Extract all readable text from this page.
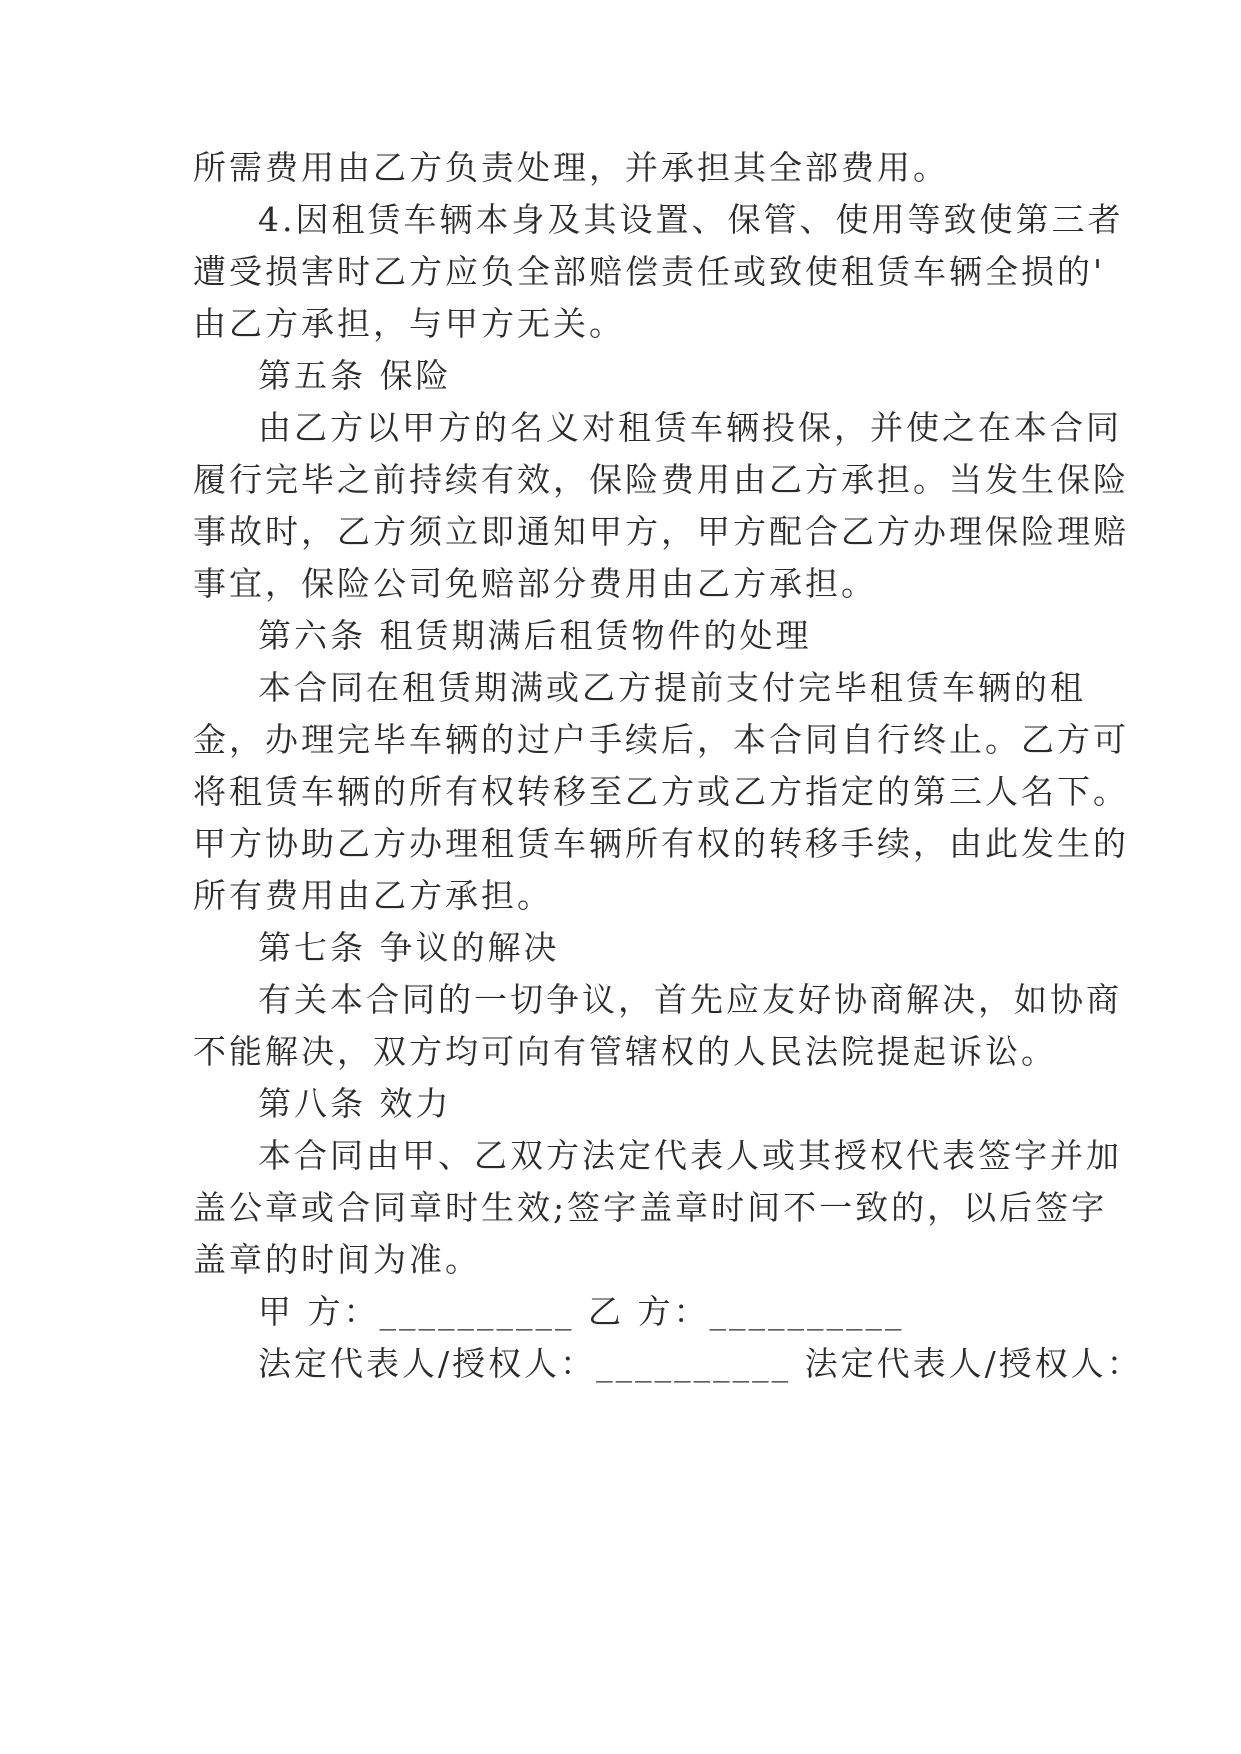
所需费用由乙方负责处理，并承担其全部费用。
4.因租赁车辆本身及其设置、保管、使用等致使第三者
遭受损害时乙方应负全部赔偿责任或致使租赁车辆全损的'
由乙方承担，与甲方无关。
第五条 保险
由乙方以甲方的名义对租赁车辆投保，并使之在本合同
履行完毕之前持续有效，保险费用由乙方承担。当发生保险
事故时，乙方须立即通知甲方，甲方配合乙方办理保险理赔
事宜，保险公司免赔部分费用由乙方承担。
第六条 租赁期满后租赁物件的处理
本合同在租赁期满或乙方提前支付完毕租赁车辆的租
金，办理完毕车辆的过户手续后，本合同自行终止。乙方可
将租赁车辆的所有权转移至乙方或乙方指定的第三人名下。
甲方协助乙方办理租赁车辆所有权的转移手续，由此发生的
所有费用由乙方承担。
第七条 争议的解决
有关本合同的一切争议，首先应友好协商解决，如协商
不能解决，双方均可向有管辖权的人民法院提起诉讼。
第八条 效力
本合同由甲、乙双方法定代表人或其授权代表签字并加
盖公章或合同章时生效;签字盖章时间不一致的，以后签字
盖章的时间为准。
甲 方：__________ 乙 方：__________
法定代表人/授权人：__________ 法定代表人/授权人：
